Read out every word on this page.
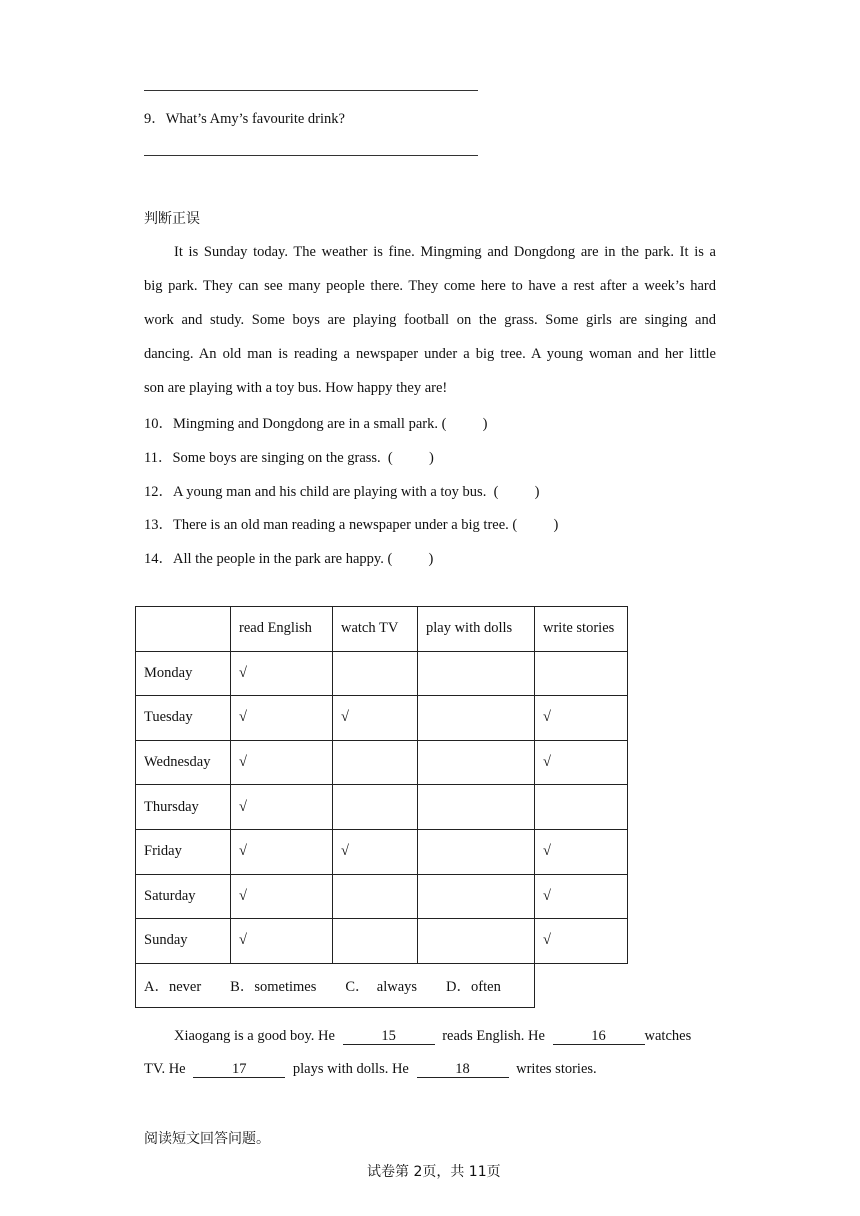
9．What’s Amy’s favourite drink?
判断正误
It is Sunday today. The weather is fine. Mingming and Dongdong are in the park. It is a
big park. They can see many people there. They come here to have a rest after a week’s hard
work and study. Some boys are playing football on the grass. Some girls are singing and
dancing. An old man is reading a newspaper under a big tree. A young woman and her little
son are playing with a toy bus. How happy they are!
10．Mingming and Dongdong are in a small park. (          )
11．Some boys are singing on the grass.  (          )
12．A young man and his child are playing with a toy bus.  (          )
13．There is an old man reading a newspaper under a big tree. (          )
14．All the people in the park are happy. (          )
	read English	watch TV	play with dolls	write stories
Monday	√			
Tuesday	√	√		√
Wednesday	√			√
Thursday	√			
Friday	√	√		√
Saturday	√			√
Sunday	√			√
A．never        B．sometimes        C．  always        D．often				
Xiaogang is a good boy. He	15	reads English. He	16	watches
TV. He	17	plays with dolls. He	18	writes stories.
阅读短文回答问题。
试卷第 2页，共 11页
